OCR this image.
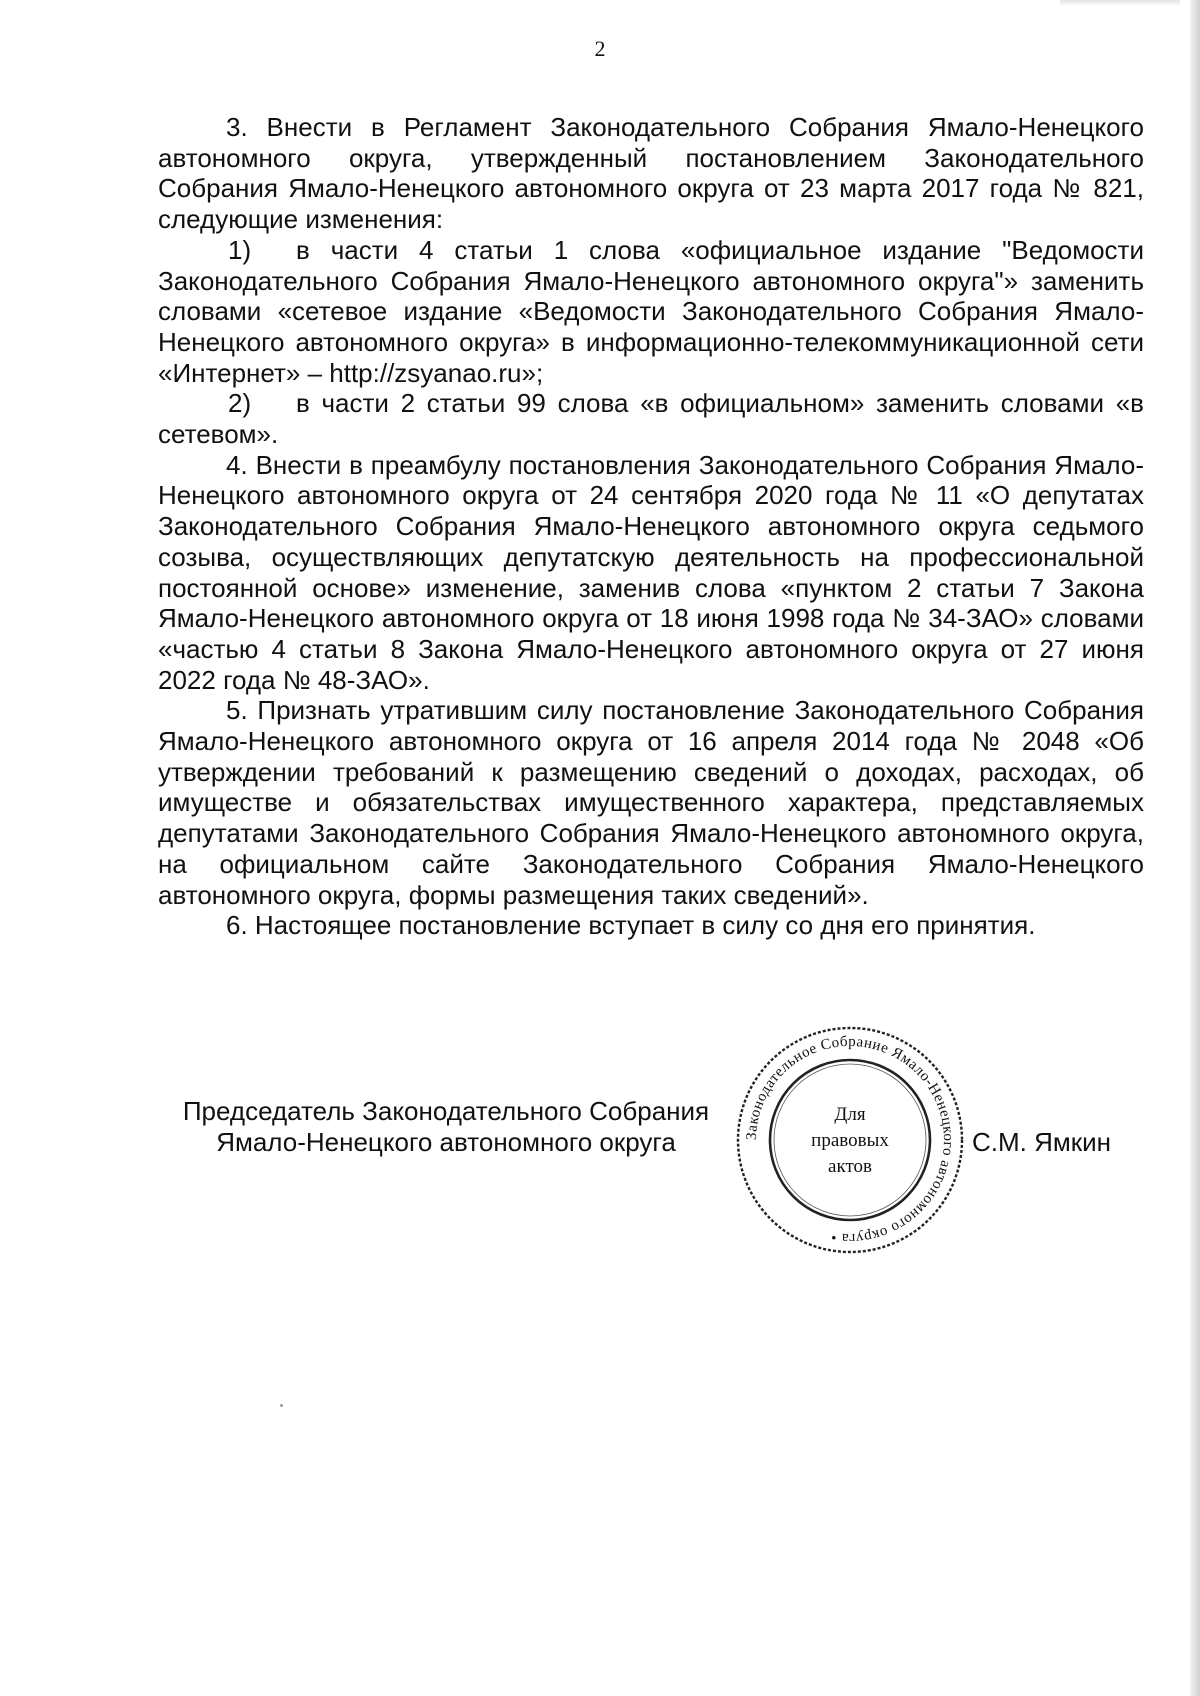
2

3. Внести в Регламент Законодательного Собрания Ямало-Ненецкого автономного округа, утвержденный постановлением Законодательного Собрания Ямало-Ненецкого автономного округа от 23 марта 2017 года № 821, следующие изменения:

1) в части 4 статьи 1 слова «официальное издание "Ведомости Законодательного Собрания Ямало-Ненецкого автономного округа"» заменить словами «сетевое издание «Ведомости Законодательного Собрания Ямало-Ненецкого автономного округа» в информационно-телекоммуникационной сети «Интернет» – http://zsyanao.ru»;

2) в части 2 статьи 99 слова «в официальном» заменить словами «в сетевом».

4. Внести в преамбулу постановления Законодательного Собрания Ямало-Ненецкого автономного округа от 24 сентября 2020 года № 11 «О депутатах Законодательного Собрания Ямало-Ненецкого автономного округа седьмого созыва, осуществляющих депутатскую деятельность на профессиональной постоянной основе» изменение, заменив слова «пунктом 2 статьи 7 Закона Ямало-Ненецкого автономного округа от 18 июня 1998 года № 34-ЗАО» словами «частью 4 статьи 8 Закона Ямало-Ненецкого автономного округа от 27 июня 2022 года № 48-ЗАО».

5. Признать утратившим силу постановление Законодательного Собрания Ямало-Ненецкого автономного округа от 16 апреля 2014 года № 2048 «Об утверждении требований к размещению сведений о доходах, расходах, об имуществе и обязательствах имущественного характера, представляемых депутатами Законодательного Собрания Ямало-Ненецкого автономного округа, на официальном сайте Законодательного Собрания Ямало-Ненецкого автономного округа, формы размещения таких сведений».

6. Настоящее постановление вступает в силу со дня его принятия.

Председатель Законодательного Собрания
Ямало-Ненецкого автономного округа	Законодательное Собрание Ямало-Ненецкого автономного округа •
Для
правовых
актов
С.М. Ямкин
